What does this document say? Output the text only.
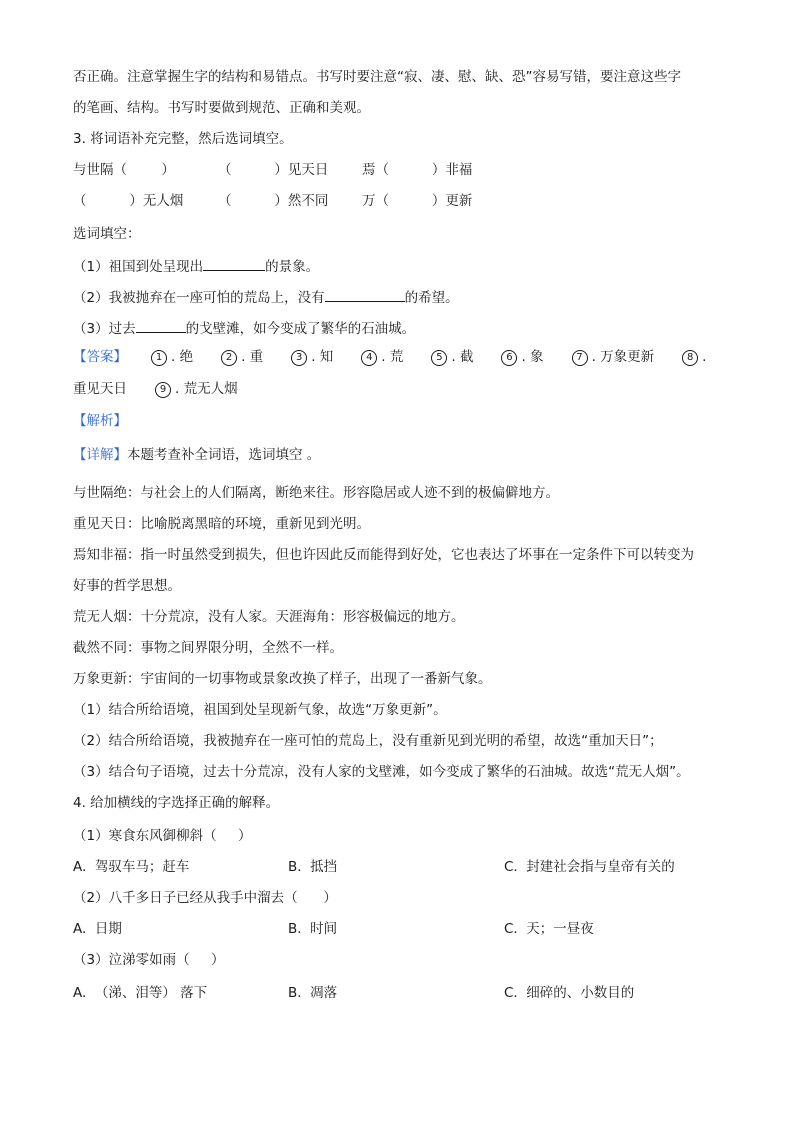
否正确。注意掌握生字的结构和易错点。书写时要注意“寂、凄、慰、缺、恐”容易写错，要注意这些字
的笔画、结构。书写时要做到规范、正确和美观。
3. 将词语补充完整，然后选词填空。
与世隔（        ）	（          ）见天日 焉（          ）非福
（          ）无人烟	（          ）然不同 万（          ）更新
选词填空：
（1）祖国到处呈现出	的景象。
（2）我被抛弃在一座可怕的荒岛上，没有	的希望。
（3）过去	的戈壁滩，如今变成了繁华的石油城。
【答案】	1 . 绝	2 . 重	3 . 知	4 . 荒	5 . 截	6 . 象	7 . 万象更新	8 .
重见天日	9 . 荒无人烟
【解析】
【详解】本题考查补全词语，选词填空 。
与世隔绝：与社会上的人们隔离，断绝来往。形容隐居或人迹不到的极偏僻地方。
重见天日：比喻脱离黑暗的环境，重新见到光明。
焉知非福：指一时虽然受到损失，但也许因此反而能得到好处，它也表达了坏事在一定条件下可以转变为
好事的哲学思想。
荒无人烟：十分荒凉，没有人家。天涯海角：形容极偏远的地方。
截然不同：事物之间界限分明，全然不一样。
万象更新：宇宙间的一切事物或景象改换了样子，出现了一番新气象。
（1）结合所给语境，祖国到处呈现新气象，故选“万象更新”。
（2）结合所给语境，我被抛弃在一座可怕的荒岛上，没有重新见到光明的希望，故选“重加天日”；
（3）结合句子语境，过去十分荒凉，没有人家的戈壁滩，如今变成了繁华的石油城。故选“荒无人烟”。
4. 给加横线的字选择正确的解释。
（1）寒食东风御柳斜（     ）
A.  驾驭车马；赶车	B.  抵挡	C.  封建社会指与皇帝有关的
（2）八千多日子已经从我手中溜去（      ）
A.  日期	B.  时间	C.  天；一昼夜
（3）泣涕零如雨（     ）
A.  （涕、泪等） 落下	B.  凋落	C.  细碎的、小数目的
